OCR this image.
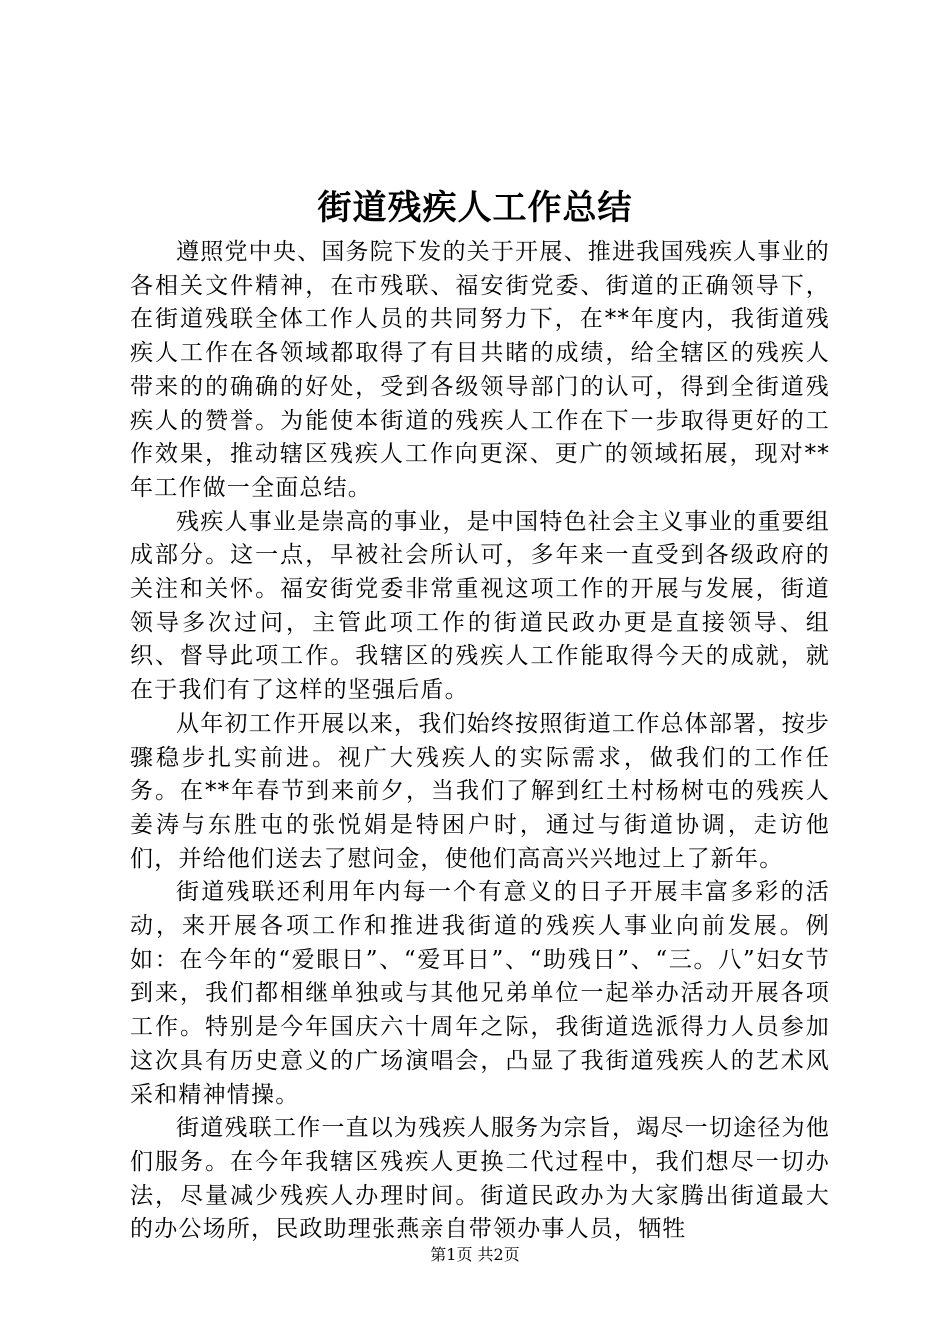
街道残疾人工作总结

遵照党中央、国务院下发的关于开展、推进我国残疾人事业的各相关文件精神，在市残联、福安街党委、街道的正确领导下，在街道残联全体工作人员的共同努力下，在**年度内，我街道残疾人工作在各领域都取得了有目共睹的成绩，给全辖区的残疾人带来的的确确的好处，受到各级领导部门的认可，得到全街道残疾人的赞誉。为能使本街道的残疾人工作在下一步取得更好的工作效果，推动辖区残疾人工作向更深、更广的领域拓展，现对**年工作做一全面总结。

残疾人事业是崇高的事业，是中国特色社会主义事业的重要组成部分。这一点，早被社会所认可，多年来一直受到各级政府的关注和关怀。福安街党委非常重视这项工作的开展与发展，街道领导多次过问，主管此项工作的街道民政办更是直接领导、组织、督导此项工作。我辖区的残疾人工作能取得今天的成就，就在于我们有了这样的坚强后盾。

从年初工作开展以来，我们始终按照街道工作总体部署，按步骤稳步扎实前进。视广大残疾人的实际需求，做我们的工作任务。在**年春节到来前夕，当我们了解到红土村杨树屯的残疾人姜涛与东胜屯的张悦娟是特困户时，通过与街道协调，走访他们，并给他们送去了慰问金，使他们高高兴兴地过上了新年。

街道残联还利用年内每一个有意义的日子开展丰富多彩的活动，来开展各项工作和推进我街道的残疾人事业向前发展。例如：在今年的“爱眼日”、“爱耳日”、“助残日”、“三。八”妇女节到来，我们都相继单独或与其他兄弟单位一起举办活动开展各项工作。特别是今年国庆六十周年之际，我街道选派得力人员参加这次具有历史意义的广场演唱会，凸显了我街道残疾人的艺术风采和精神情操。

街道残联工作一直以为残疾人服务为宗旨，竭尽一切途径为他们服务。在今年我辖区残疾人更换二代过程中，我们想尽一切办法，尽量减少残疾人办理时间。街道民政办为大家腾出街道最大的办公场所，民政助理张燕亲自带领办事人员，牺牲

第1页 共2页
